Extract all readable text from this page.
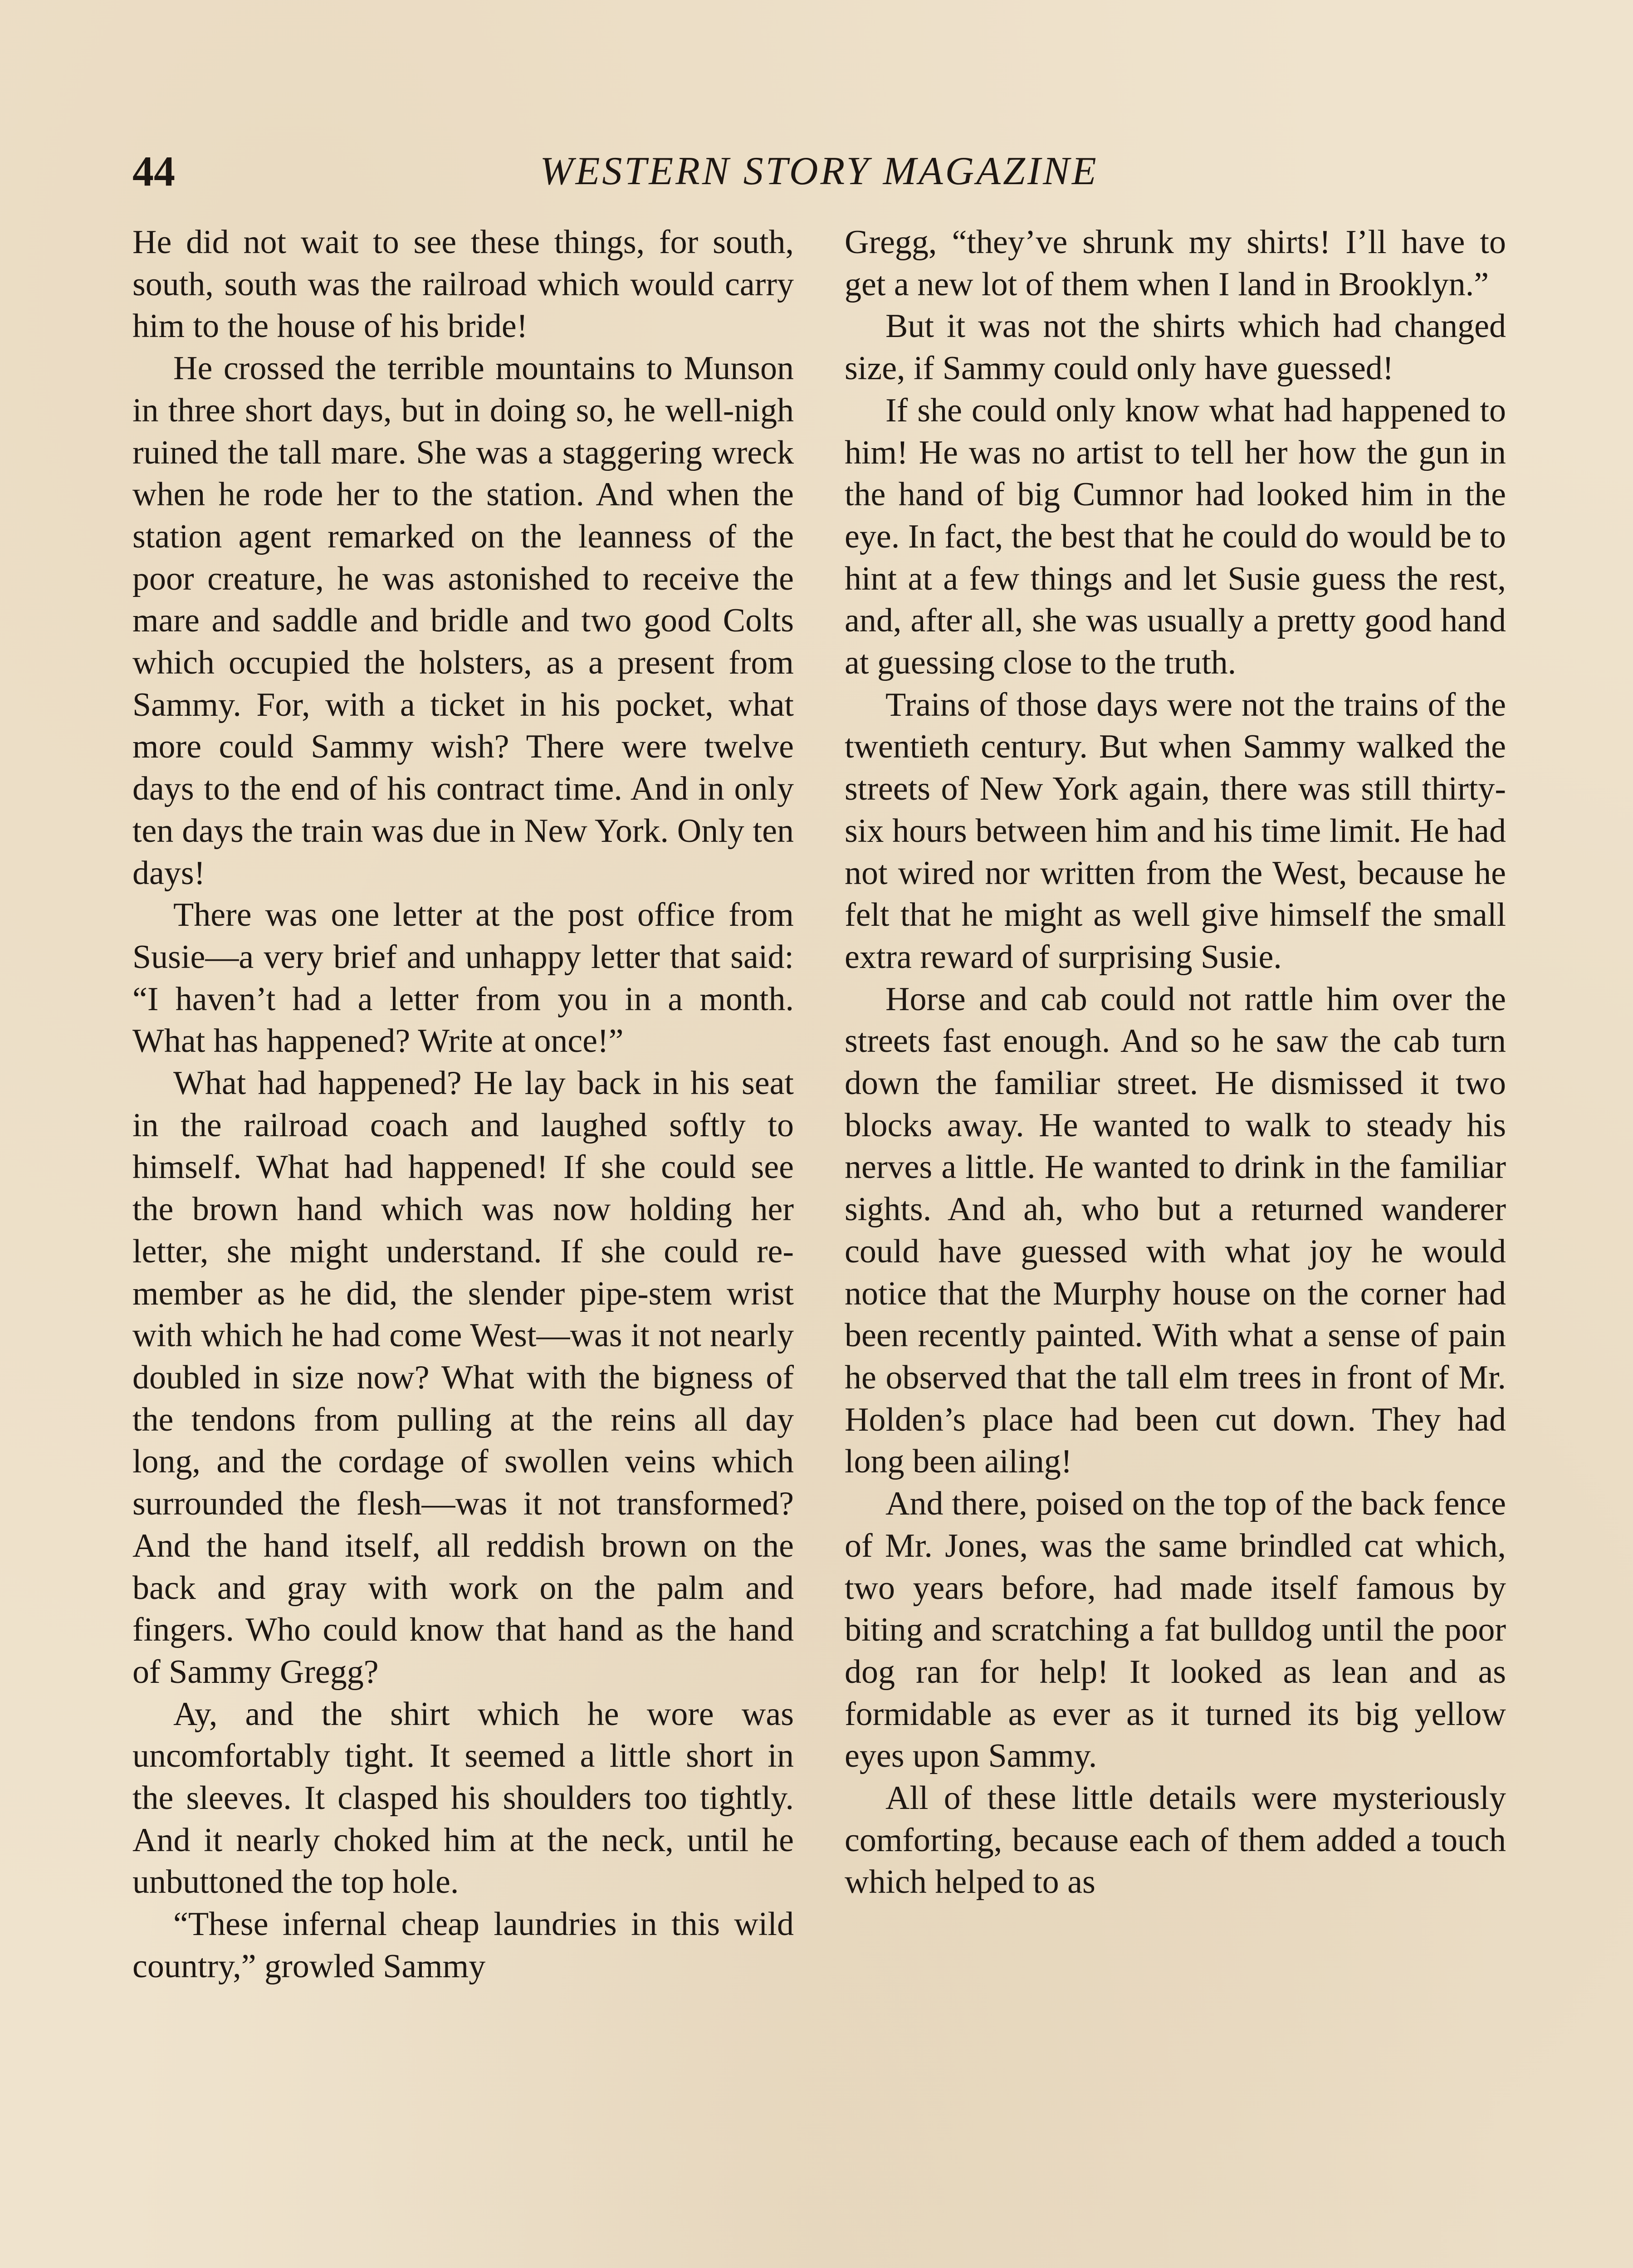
44	WESTERN STORY MAGAZINE

He did not wait to see these things, for south, south, south was the railroad which would carry him to the house of his bride!

He crossed the terrible mountains to Munson in three short days, but in doing so, he well-nigh ruined the tall mare. She was a staggering wreck when he rode her to the station. And when the station agent remarked on the leanness of the poor creature, he was astonished to receive the mare and saddle and bridle and two good Colts which occupied the holsters, as a present from Sammy. For, with a ticket in his pocket, what more could Sammy wish? There were twelve days to the end of his contract time. And in only ten days the train was due in New York. Only ten days!

There was one letter at the post office from Susie—a very brief and unhappy letter that said: “I haven’t had a letter from you in a month. What has happened? Write at once!”

What had happened? He lay back in his seat in the railroad coach and laughed softly to himself. What had happened! If she could see the brown hand which was now holding her letter, she might understand. If she could remember as he did, the slender pipe-stem wrist with which he had come West—was it not nearly doubled in size now? What with the bigness of the tendons from pulling at the reins all day long, and the cordage of swollen veins which surrounded the flesh—was it not transformed? And the hand itself, all reddish brown on the back and gray with work on the palm and fingers. Who could know that hand as the hand of Sammy Gregg?

Ay, and the shirt which he wore was uncomfortably tight. It seemed a little short in the sleeves. It clasped his shoulders too tightly. And it nearly choked him at the neck, until he unbuttoned the top hole.

“These infernal cheap laundries in this wild country,” growled Sammy

Gregg, “they’ve shrunk my shirts! I’ll have to get a new lot of them when I land in Brooklyn.”

But it was not the shirts which had changed size, if Sammy could only have guessed!

If she could only know what had happened to him! He was no artist to tell her how the gun in the hand of big Cumnor had looked him in the eye. In fact, the best that he could do would be to hint at a few things and let Susie guess the rest, and, after all, she was usually a pretty good hand at guessing close to the truth.

Trains of those days were not the trains of the twentieth century. But when Sammy walked the streets of New York again, there was still thirty-six hours between him and his time limit. He had not wired nor written from the West, because he felt that he might as well give himself the small extra reward of surprising Susie.

Horse and cab could not rattle him over the streets fast enough. And so he saw the cab turn down the familiar street. He dismissed it two blocks away. He wanted to walk to steady his nerves a little. He wanted to drink in the familiar sights. And ah, who but a returned wanderer could have guessed with what joy he would notice that the Murphy house on the corner had been recently painted. With what a sense of pain he observed that the tall elm trees in front of Mr. Holden’s place had been cut down. They had long been ailing!

And there, poised on the top of the back fence of Mr. Jones, was the same brindled cat which, two years before, had made itself famous by biting and scratching a fat bulldog until the poor dog ran for help! It looked as lean and as formidable as ever as it turned its big yellow eyes upon Sammy.

All of these little details were mysteriously comforting, because each of them added a touch which helped to as
